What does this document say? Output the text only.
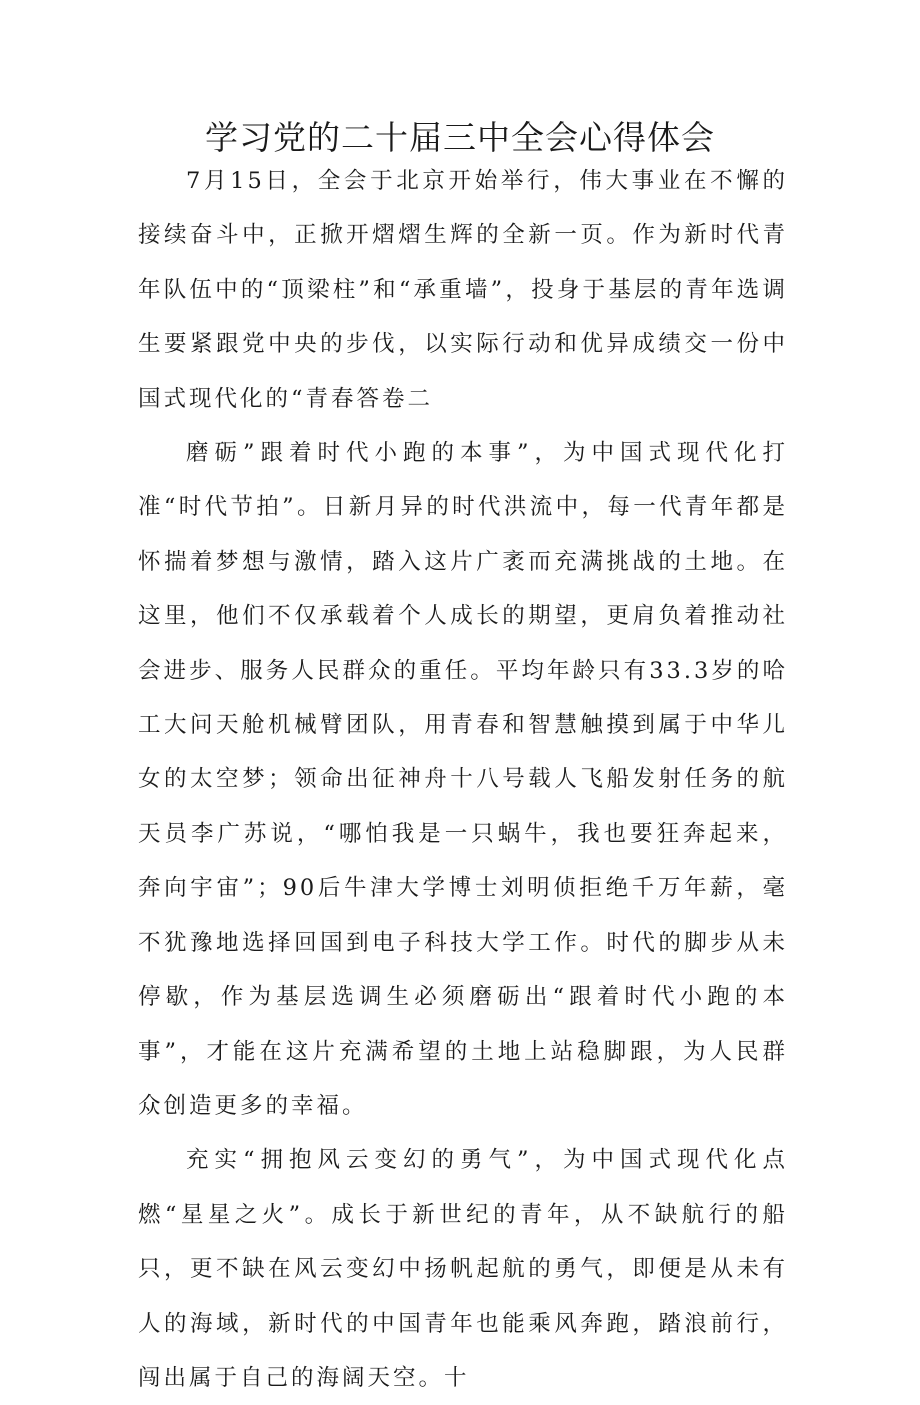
学习党的二十届三中全会心得体会

7月15日，全会于北京开始举行，伟大事业在不懈的接续奋斗中，正掀开熠熠生辉的全新一页。作为新时代青年队伍中的“顶梁柱”和“承重墙”，投身于基层的青年选调生要紧跟党中央的步伐，以实际行动和优异成绩交一份中国式现代化的“青春答卷二

磨砺”跟着时代小跑的本事”，为中国式现代化打准“时代节拍”。日新月异的时代洪流中，每一代青年都是怀揣着梦想与激情，踏入这片广袤而充满挑战的土地。在这里，他们不仅承载着个人成长的期望，更肩负着推动社会进步、服务人民群众的重任。平均年龄只有33.3岁的哈工大问天舱机械臂团队，用青春和智慧触摸到属于中华儿女的太空梦；领命出征神舟十八号载人飞船发射任务的航天员李广苏说，“哪怕我是一只蜗牛，我也要狂奔起来，奔向宇宙”；90后牛津大学博士刘明侦拒绝千万年薪，毫不犹豫地选择回国到电子科技大学工作。时代的脚步从未停歇，作为基层选调生必须磨砺出“跟着时代小跑的本事”，才能在这片充满希望的土地上站稳脚跟，为人民群众创造更多的幸福。

充实“拥抱风云变幻的勇气”，为中国式现代化点燃“星星之火”。成长于新世纪的青年，从不缺航行的船只，更不缺在风云变幻中扬帆起航的勇气，即便是从未有人的海域，新时代的中国青年也能乘风奔跑，踏浪前行，闯出属于自己的海阔天空。十
